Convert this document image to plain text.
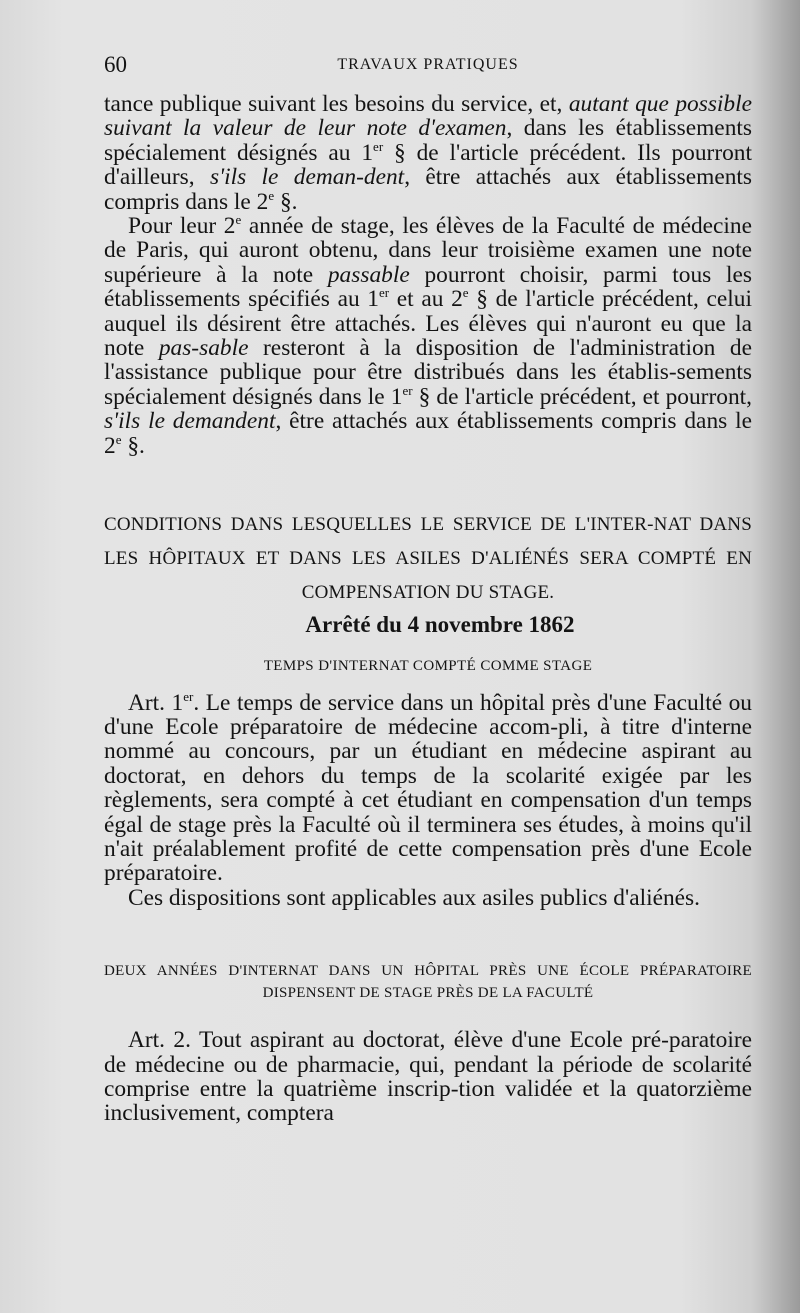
60	TRAVAUX PRATIQUES

tance publique suivant les besoins du service, et, autant que possible suivant la valeur de leur note d'examen, dans les établissements spécialement désignés au 1er § de l'article précédent. Ils pourront d'ailleurs, s'ils le deman-dent, être attachés aux établissements compris dans le 2e §.

Pour leur 2e année de stage, les élèves de la Faculté de médecine de Paris, qui auront obtenu, dans leur troisième examen une note supérieure à la note passable pourront choisir, parmi tous les établissements spécifiés au 1er et au 2e § de l'article précédent, celui auquel ils désirent être attachés. Les élèves qui n'auront eu que la note pas-sable resteront à la disposition de l'administration de l'assistance publique pour être distribués dans les établis-sements spécialement désignés dans le 1er § de l'article précédent, et pourront, s'ils le demandent, être attachés aux établissements compris dans le 2e §.

CONDITIONS DANS LESQUELLES LE SERVICE DE L'INTER-NAT DANS LES HÔPITAUX ET DANS LES ASILES D'ALIÉNÉS SERA COMPTÉ EN COMPENSATION DU STAGE.
Arrêté du 4 novembre 1862
TEMPS D'INTERNAT COMPTÉ COMME STAGE

Art. 1er. Le temps de service dans un hôpital près d'une Faculté ou d'une Ecole préparatoire de médecine accom-pli, à titre d'interne nommé au concours, par un étudiant en médecine aspirant au doctorat, en dehors du temps de la scolarité exigée par les règlements, sera compté à cet étudiant en compensation d'un temps égal de stage près la Faculté où il terminera ses études, à moins qu'il n'ait préalablement profité de cette compensation près d'une Ecole préparatoire.

Ces dispositions sont applicables aux asiles publics d'aliénés.

DEUX ANNÉES D'INTERNAT DANS UN HÔPITAL PRÈS UNE ÉCOLE PRÉPARATOIRE DISPENSENT DE STAGE PRÈS DE LA FACULTÉ

Art. 2. Tout aspirant au doctorat, élève d'une Ecole pré-paratoire de médecine ou de pharmacie, qui, pendant la période de scolarité comprise entre la quatrième inscrip-tion validée et la quatorzième inclusivement, comptera
